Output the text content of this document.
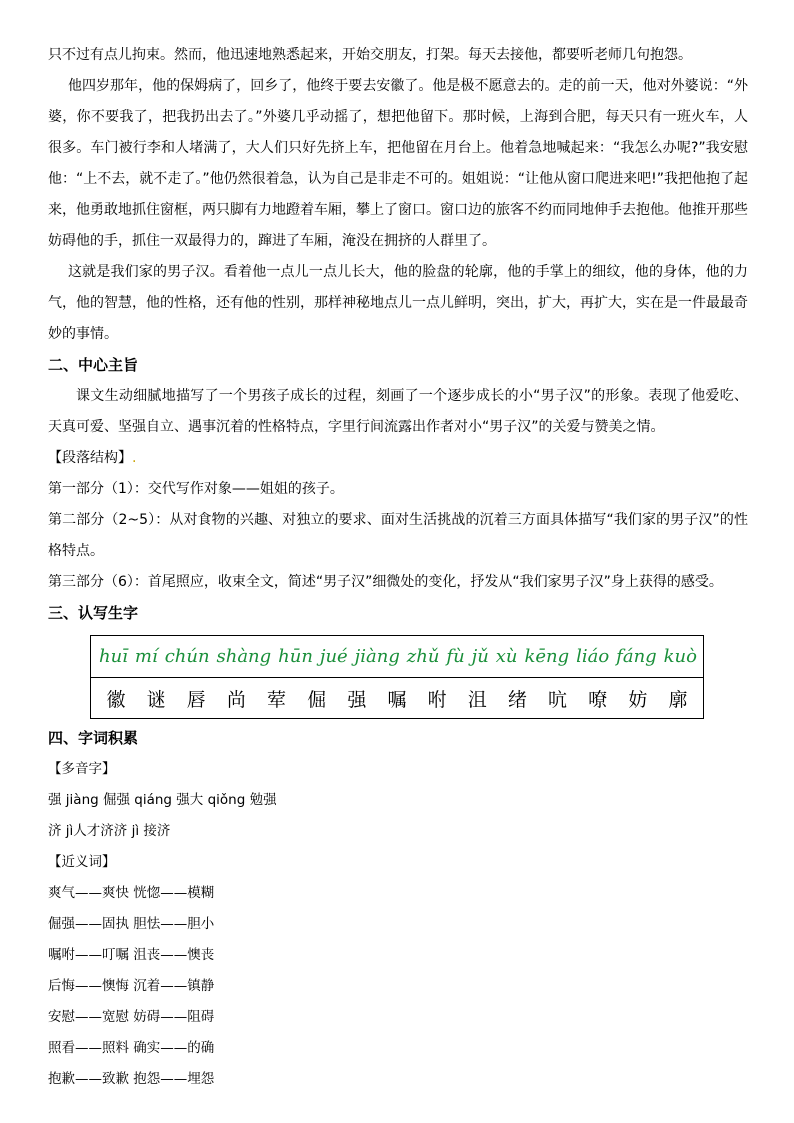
只不过有点儿拘束。然而，他迅速地熟悉起来，开始交朋友，打架。每天去接他，都要听老师几句抱怨。

他四岁那年，他的保姆病了，回乡了，他终于要去安徽了。他是极不愿意去的。走的前一天，他对外婆说：“外婆，你不要我了，把我扔出去了。”外婆几乎动摇了，想把他留下。那时候，上海到合肥，每天只有一班火车，人很多。车门被行李和人堵满了，大人们只好先挤上车，把他留在月台上。他着急地喊起来：“我怎么办呢?”我安慰他：“上不去，就不走了。”他仍然很着急，认为自己是非走不可的。姐姐说：“让他从窗口爬进来吧!”我把他抱了起来，他勇敢地抓住窗框，两只脚有力地蹬着车厢，攀上了窗口。窗口边的旅客不约而同地伸手去抱他。他推开那些妨碍他的手，抓住一双最得力的，蹿进了车厢，淹没在拥挤的人群里了。

这就是我们家的男子汉。看着他一点儿一点儿长大，他的脸盘的轮廓，他的手掌上的细纹，他的身体，他的力气，他的智慧，他的性格，还有他的性别，那样神秘地点儿一点儿鲜明，突出，扩大，再扩大，实在是一件最最奇妙的事情。

二、中心主旨

课文生动细腻地描写了一个男孩子成长的过程，刻画了一个逐步成长的小“男子汉”的形象。表现了他爱吃、天真可爱、坚强自立、遇事沉着的性格特点，字里行间流露出作者对小“男子汉”的关爱与赞美之情。

【段落结构】.

第一部分（1）：交代写作对象——姐姐的孩子。

第二部分（2~5）：从对食物的兴趣、对独立的要求、面对生活挑战的沉着三方面具体描写“我们家的男子汉”的性格特点。

第三部分（6）：首尾照应，收束全文，简述“男子汉”细微处的变化，抒发从“我们家男子汉”身上获得的感受。

三、认写生字

huī mí chún shàng hūn jué jiàng zhǔ fù jǔ xù kēng liáo fáng kuò

徽 谜 唇 尚 荤 倔 强 嘱 咐 沮 绪 吭 嘹 妨 廓

四、字词积累

【多音字】

强 jiàng 倔强 qiáng 强大 qiǒng 勉强

济 jì人才济济 jì 接济

【近义词】

爽气——爽快 恍惚——模糊

倔强——固执 胆怯——胆小

嘱咐——叮嘱 沮丧——懊丧

后悔——懊悔 沉着——镇静

安慰——宽慰 妨碍——阻碍

照看——照料 确实——的确

抱歉——致歉 抱怨——埋怨
